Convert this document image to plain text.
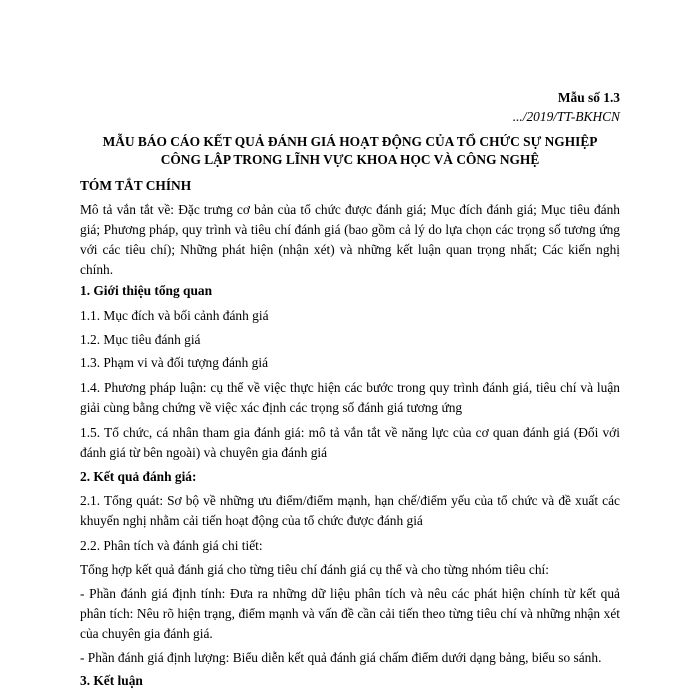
Mẫu số 1.3
.../2019/TT-BKHCN
MẪU BÁO CÁO KẾT QUẢ ĐÁNH GIÁ HOẠT ĐỘNG CỦA TỔ CHỨC SỰ NGHIỆP
CÔNG LẬP TRONG LĨNH VỰC KHOA HỌC VÀ CÔNG NGHỆ
TÓM TẮT CHÍNH
Mô tả vắn tắt về: Đặc trưng cơ bản của tổ chức được đánh giá; Mục đích đánh giá; Mục tiêu đánh giá; Phương pháp, quy trình và tiêu chí đánh giá (bao gồm cả lý do lựa chọn các trọng số tương ứng với các tiêu chí); Những phát hiện (nhận xét) và những kết luận quan trọng nhất; Các kiến nghị chính.
1. Giới thiệu tổng quan
1.1. Mục đích và bối cảnh đánh giá
1.2. Mục tiêu đánh giá
1.3. Phạm vi và đối tượng đánh giá
1.4. Phương pháp luận: cụ thể về việc thực hiện các bước trong quy trình đánh giá, tiêu chí và luận giải cùng bằng chứng về việc xác định các trọng số đánh giá tương ứng
1.5. Tổ chức, cá nhân tham gia đánh giá: mô tả vắn tắt về năng lực của cơ quan đánh giá (Đối với đánh giá từ bên ngoài) và chuyên gia đánh giá
2. Kết quả đánh giá:
2.1. Tổng quát: Sơ bộ về những ưu điểm/điểm mạnh, hạn chế/điểm yếu của tổ chức và đề xuất các khuyến nghị nhằm cải tiến hoạt động của tổ chức được đánh giá
2.2. Phân tích và đánh giá chi tiết:
Tổng hợp kết quả đánh giá cho từng tiêu chí đánh giá cụ thể và cho từng nhóm tiêu chí:
- Phần đánh giá định tính: Đưa ra những dữ liệu phân tích và nêu các phát hiện chính từ kết quả phân tích: Nêu rõ hiện trạng, điểm mạnh và vấn đề cần cải tiến theo từng tiêu chí và những nhận xét của chuyên gia đánh giá.
- Phần đánh giá định lượng: Biểu diễn kết quả đánh giá chấm điểm dưới dạng bảng, biểu so sánh.
3. Kết luận
